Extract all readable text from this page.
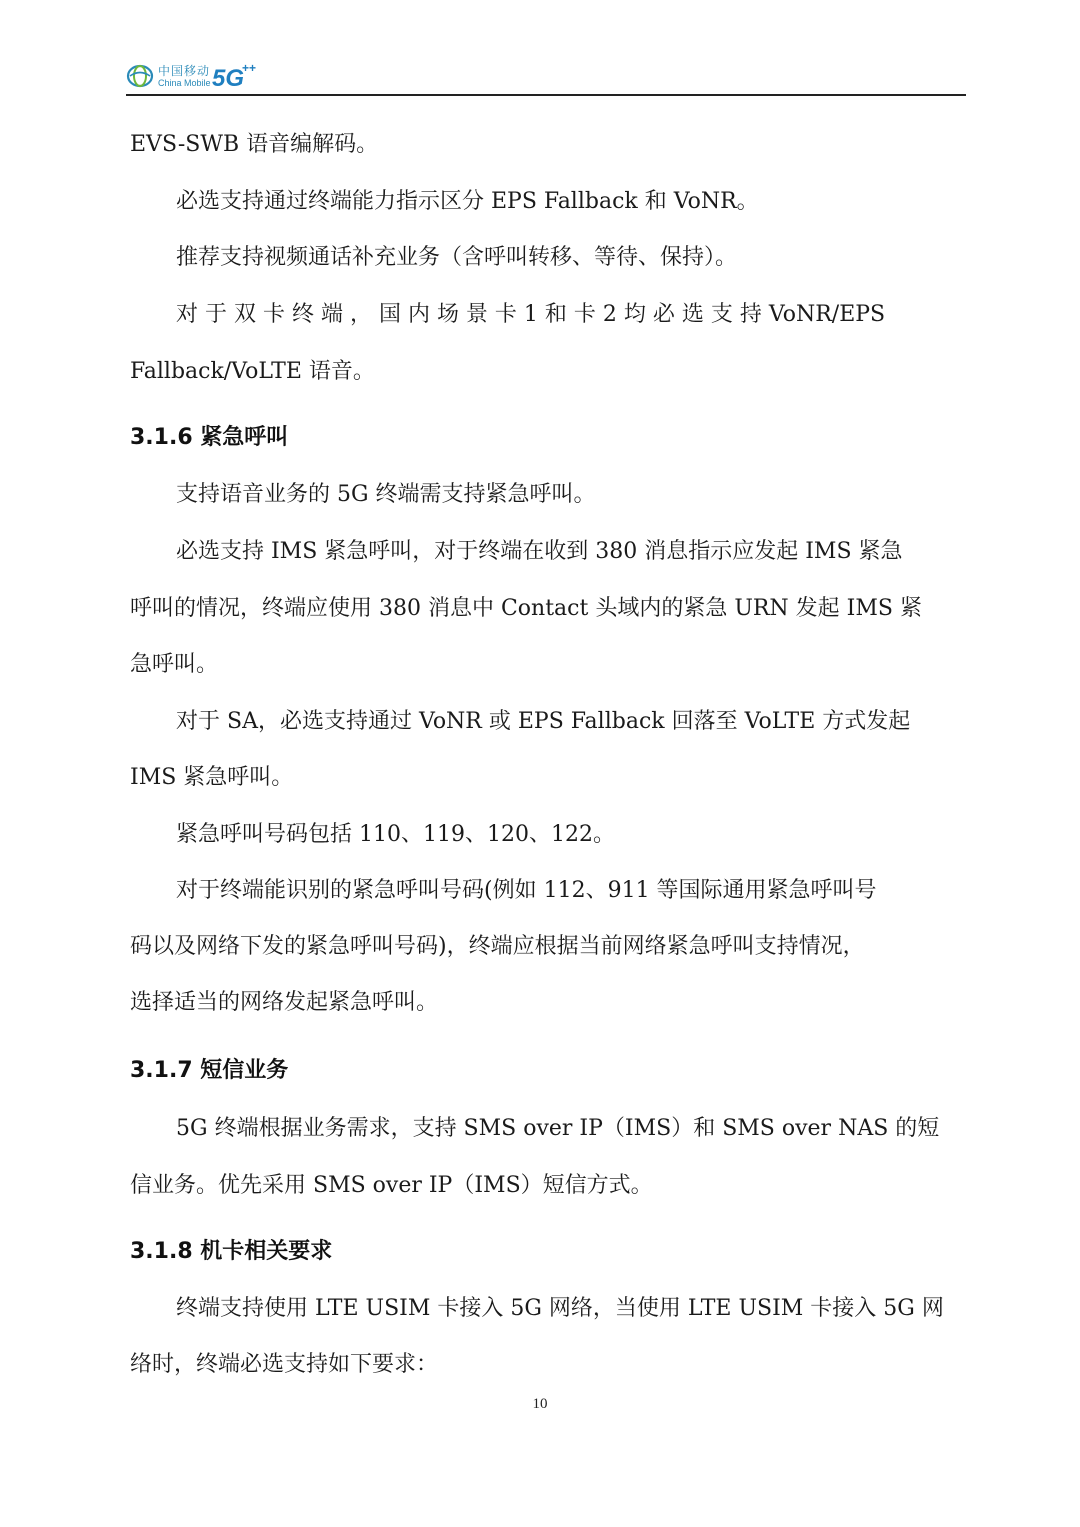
中国移动
China Mobile 5G
++
EVS-SWB 语音编解码。
必选支持通过终端能力指示区分 EPS Fallback 和 VoNR。
推荐支持视频通话补充业务（含呼叫转移、等待、保持）。
对 于 双 卡 终 端 ， 国 内 场 景 卡 1 和 卡 2 均 必 选 支 持 VoNR/EPS
Fallback/VoLTE 语音。
3.1.6 紧急呼叫
支持语音业务的 5G 终端需支持紧急呼叫。
必选支持 IMS 紧急呼叫，对于终端在收到 380 消息指示应发起 IMS 紧急
呼叫的情况，终端应使用 380 消息中 Contact 头域内的紧急 URN 发起 IMS 紧
急呼叫。
对于 SA，必选支持通过 VoNR 或 EPS Fallback 回落至 VoLTE 方式发起
IMS 紧急呼叫。
紧急呼叫号码包括 110、119、120、122。
对于终端能识别的紧急呼叫号码(例如 112、911 等国际通用紧急呼叫号
码以及网络下发的紧急呼叫号码)，终端应根据当前网络紧急呼叫支持情况，
选择适当的网络发起紧急呼叫。
3.1.7 短信业务
5G 终端根据业务需求，支持 SMS over IP（IMS）和 SMS over NAS 的短
信业务。优先采用 SMS over IP（IMS）短信方式。
3.1.8 机卡相关要求
终端支持使用 LTE USIM 卡接入 5G 网络，当使用 LTE USIM 卡接入 5G 网
络时，终端必选支持如下要求：
10
